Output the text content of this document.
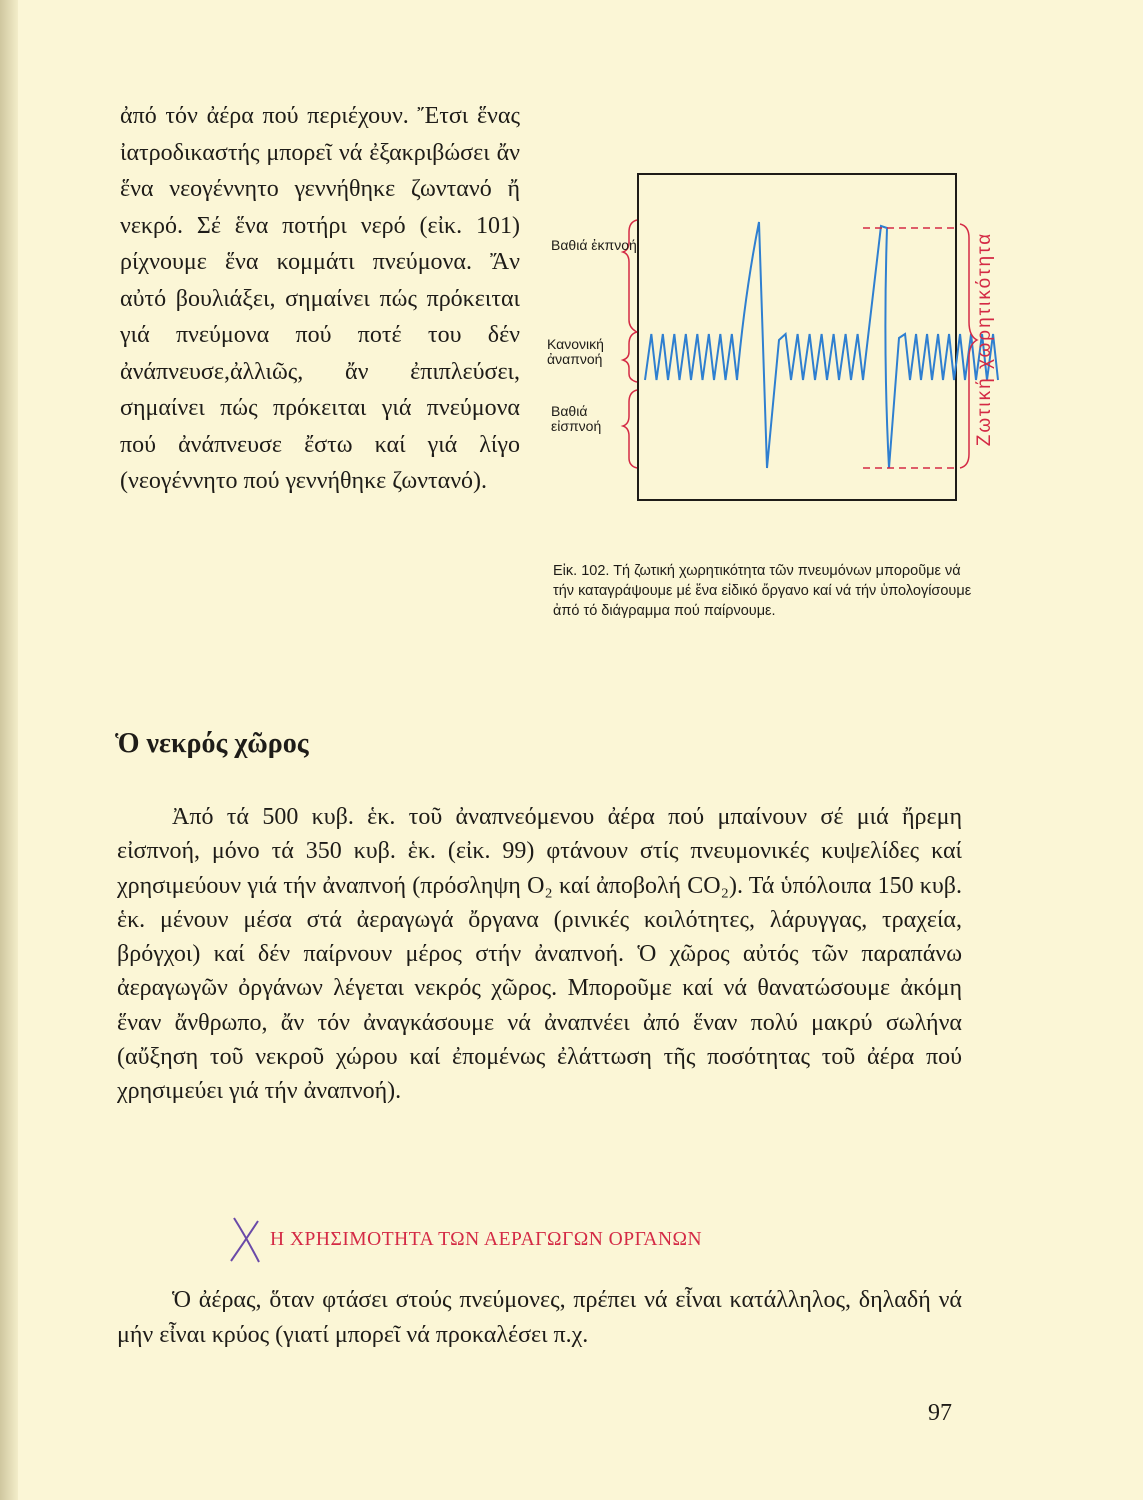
ἀπό τόν ἀέρα πού περιέχουν. Ἔτσι ἕνας ἰατροδικαστής μπορεῖ νά ἐξακριβώσει ἄν ἕνα νεογέννητο γεννήθηκε ζωντανό ἤ νεκρό. Σέ ἕνα ποτήρι νερό (εἰκ. 101) ρίχνουμε ἕνα κομμάτι πνεύμονα. Ἄν αὐτό βουλιάξει, σημαίνει πώς πρόκειται γιά πνεύμονα πού ποτέ του δέν ἀνάπνευσε,ἀλλιῶς, ἄν ἐπιπλεύσει, σημαίνει πώς πρόκειται γιά πνεύμονα πού ἀνάπνευσε ἔστω καί γιά λίγο (νεογέννητο πού γεννήθηκε ζωντανό).

Βαθιά ἐκπνοή
Κανονική ἀναπνοή
Βαθιά εἰσπνοή	Ζωτική χωρητικότητα
Εἰκ. 102. Τή ζωτική χωρητικότητα τῶν πνευμόνων μποροῦμε νά τήν καταγράψουμε μέ ἕνα εἰδικό ὄργανο καί νά τήν ὑπολογίσουμε ἀπό τό διάγραμμα πού παίρνουμε.
Ὁ νεκρός χῶρος

Ἀπό τά 500 κυβ. ἑκ. τοῦ ἀναπνεόμενου ἀέρα πού μπαίνουν σέ μιά ἤρεμη εἰσπνοή, μόνο τά 350 κυβ. ἑκ. (εἰκ. 99) φτάνουν στίς πνευμονικές κυψελίδες καί χρησιμεύουν γιά τήν ἀναπνοή (πρόσληψη O₂ καί ἀποβολή CO₂). Τά ὑπόλοιπα 150 κυβ. ἑκ. μένουν μέσα στά ἀεραγωγά ὄργανα (ρινικές κοιλότητες, λάρυγγας, τραχεία, βρόγχοι) καί δέν παίρνουν μέρος στήν ἀναπνοή. Ὁ χῶρος αὐτός τῶν παραπάνω ἀεραγωγῶν ὀργάνων λέγεται νεκρός χῶρος. Μποροῦμε καί νά θανατώσουμε ἀκόμη ἕναν ἄνθρωπο, ἄν τόν ἀναγκάσουμε νά ἀναπνέει ἀπό ἕναν πολύ μακρύ σωλήνα (αὔξηση τοῦ νεκροῦ χώρου καί ἐπομένως ἐλάττωση τῆς ποσότητας τοῦ ἀέρα πού χρησιμεύει γιά τήν ἀναπνοή).

Η ΧΡΗΣΙΜΟΤΗΤΑ ΤΩΝ ΑΕΡΑΓΩΓΩΝ ΟΡΓΑΝΩΝ

Ὁ ἀέρας, ὅταν φτάσει στούς πνεύμονες, πρέπει νά εἶναι κατάλληλος, δηλαδή νά μήν εἶναι κρύος (γιατί μπορεῖ νά προκαλέσει π.χ.

97
